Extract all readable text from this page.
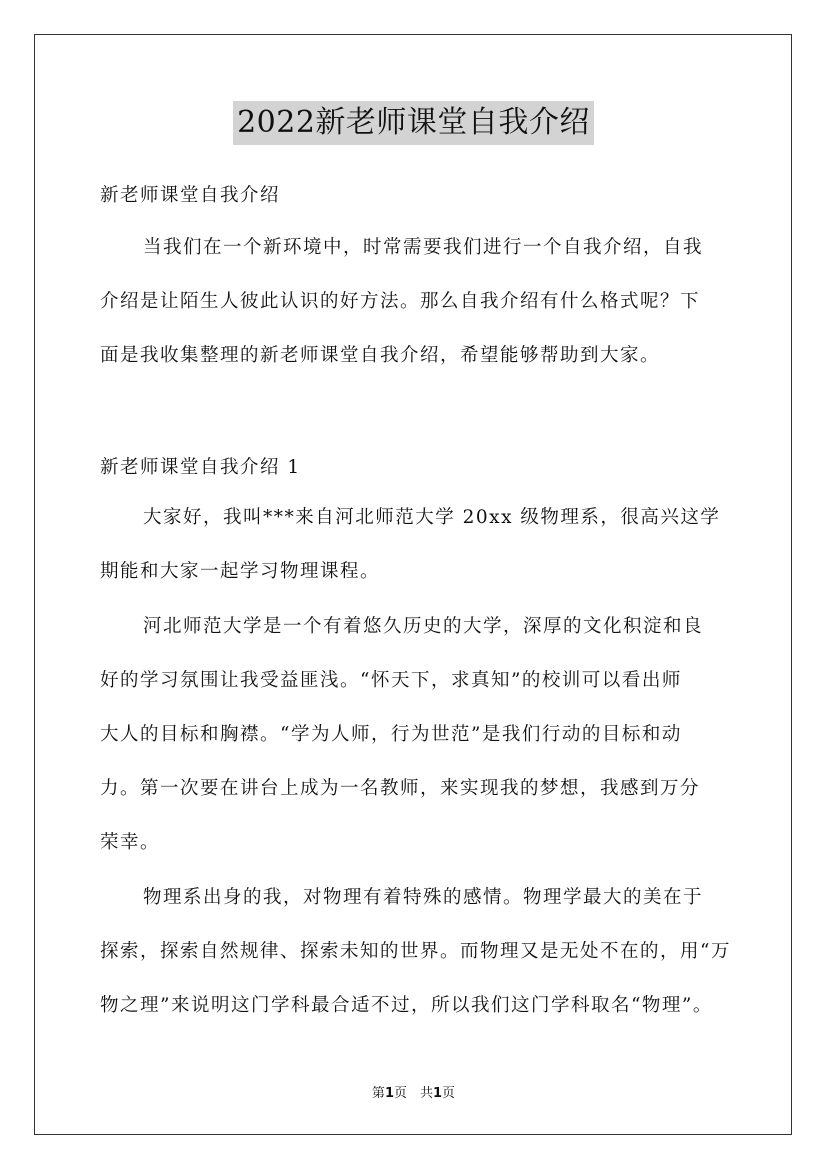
2022新老师课堂自我介绍

新老师课堂自我介绍

当我们在一个新环境中，时常需要我们进行一个自我介绍，自我
介绍是让陌生人彼此认识的好方法。那么自我介绍有什么格式呢？下
面是我收集整理的新老师课堂自我介绍，希望能够帮助到大家。

新老师课堂自我介绍 1

大家好，我叫***来自河北师范大学 20xx 级物理系，很高兴这学
期能和大家一起学习物理课程。
河北师范大学是一个有着悠久历史的大学，深厚的文化积淀和良
好的学习氛围让我受益匪浅。“怀天下，求真知”的校训可以看出师
大人的目标和胸襟。“学为人师，行为世范”是我们行动的目标和动
力。第一次要在讲台上成为一名教师，来实现我的梦想，我感到万分
荣幸。
物理系出身的我，对物理有着特殊的感情。物理学最大的美在于
探索，探索自然规律、探索未知的世界。而物理又是无处不在的，用“万
物之理”来说明这门学科最合适不过，所以我们这门学科取名“物理”。
第1页　共1页
